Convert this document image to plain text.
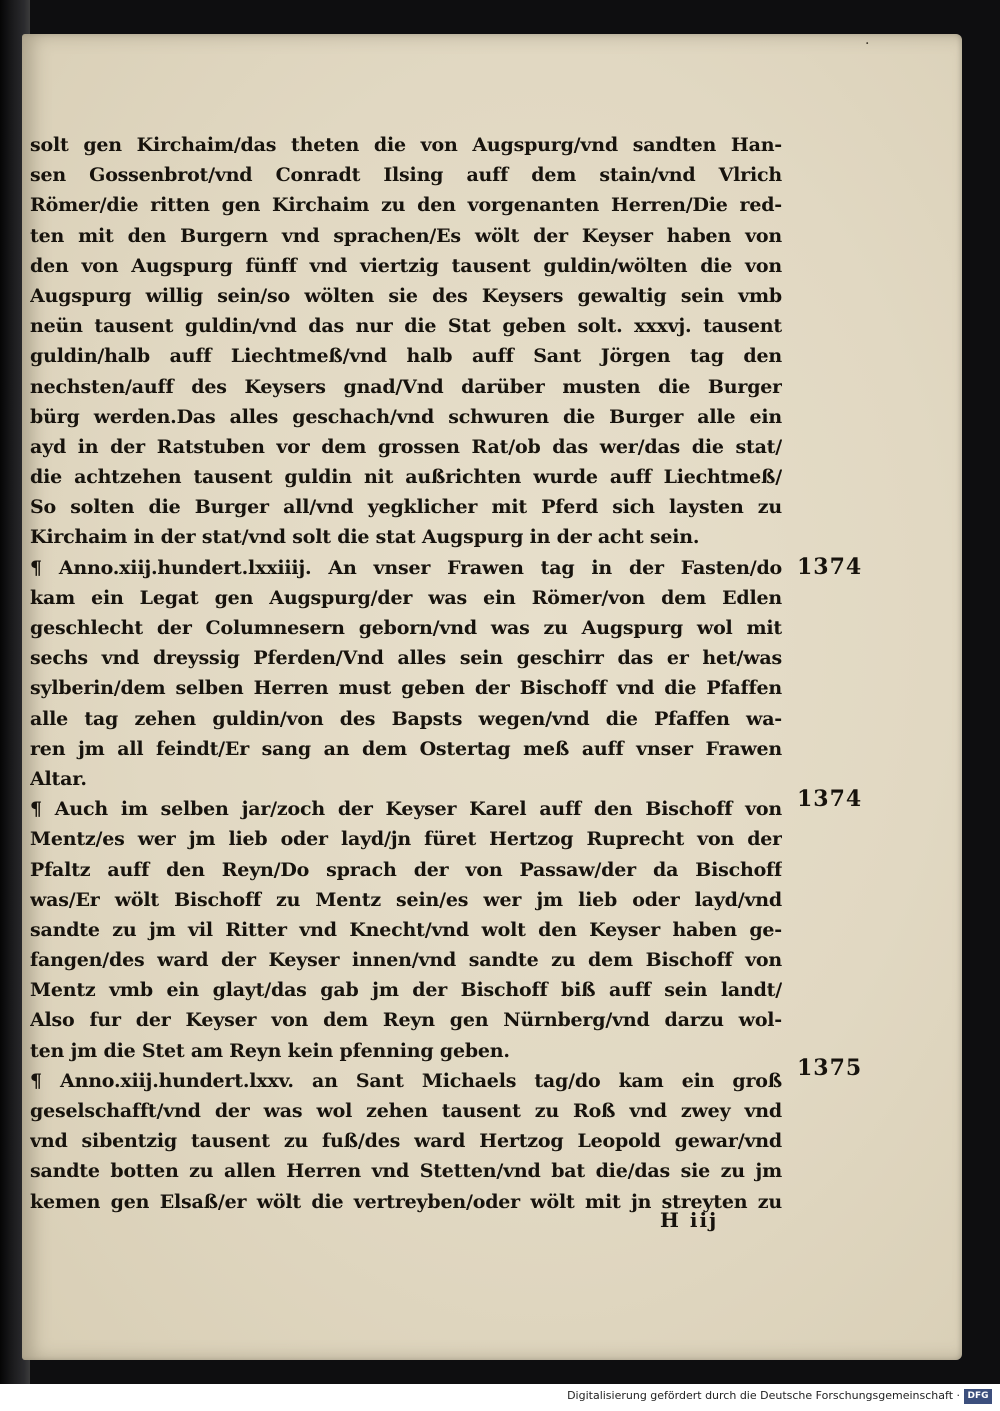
·
solt gen Kirchaim/das theten die von Augspurg/vnd sandten Han‑
sen Gossenbrot/vnd Conradt Ilsing auff dem stain/vnd Vlrich
Römer/die ritten gen Kirchaim zu den vorgenanten Herren/Die red‑
ten mit den Burgern vnd sprachen/Es wölt der Keyser haben von
den von Augspurg fünff vnd viertzig tausent guldin/wölten die von
Augspurg willig sein/so wölten sie des Keysers gewaltig sein vmb
neün tausent guldin/vnd das nur die Stat geben solt. xxxvj. tausent
guldin/halb auff Liechtmeß/vnd halb auff Sant Jörgen tag den
nechsten/auff des Keysers gnad/Vnd darüber musten die Burger
bürg werden.Das alles geschach/vnd schwuren die Burger alle ein
ayd in der Ratstuben vor dem grossen Rat/ob das wer/das die stat/
die achtzehen tausent guldin nit außrichten wurde auff Liechtmeß/
So solten die Burger all/vnd yegklicher mit Pferd sich laysten zu
Kirchaim in der stat/vnd solt die stat Augspurg in der acht sein.
¶ Anno.xiij.hundert.lxxiiij. An vnser Frawen tag in der Fasten/do
kam ein Legat gen Augspurg/der was ein Römer/von dem Edlen
geschlecht der Columnesern geborn/vnd was zu Augspurg wol mit
sechs vnd dreyssig Pferden/Vnd alles sein geschirr das er het/was
sylberin/dem selben Herren must geben der Bischoff vnd die Pfaffen
alle tag zehen guldin/von des Bapsts wegen/vnd die Pfaffen wa‑
ren jm all feindt/Er sang an dem Ostertag meß auff vnser Frawen
Altar.
¶ Auch im selben jar/zoch der Keyser Karel auff den Bischoff von
Mentz/es wer jm lieb oder layd/jn füret Hertzog Ruprecht von der
Pfaltz auff den Reyn/Do sprach der von Passaw/der da Bischoff
was/Er wölt Bischoff zu Mentz sein/es wer jm lieb oder layd/vnd
sandte zu jm vil Ritter vnd Knecht/vnd wolt den Keyser haben ge‑
fangen/des ward der Keyser innen/vnd sandte zu dem Bischoff von
Mentz vmb ein glayt/das gab jm der Bischoff biß auff sein landt/
Also fur der Keyser von dem Reyn gen Nürnberg/vnd darzu wol‑
ten jm die Stet am Reyn kein pfenning geben.
¶ Anno.xiij.hundert.lxxv. an Sant Michaels tag/do kam ein groß
geselschafft/vnd der was wol zehen tausent zu Roß vnd zwey vnd
vnd sibentzig tausent zu fuß/des ward Hertzog Leopold gewar/vnd
sandte botten zu allen Herren vnd Stetten/vnd bat die/das sie zu jm
kemen gen Elsaß/er wölt die vertreyben/oder wölt mit jn streyten zu
1374
1374
1375
H iij
Digitalisierung gefördert durch die Deutsche Forschungsgemeinschaft · DFG
